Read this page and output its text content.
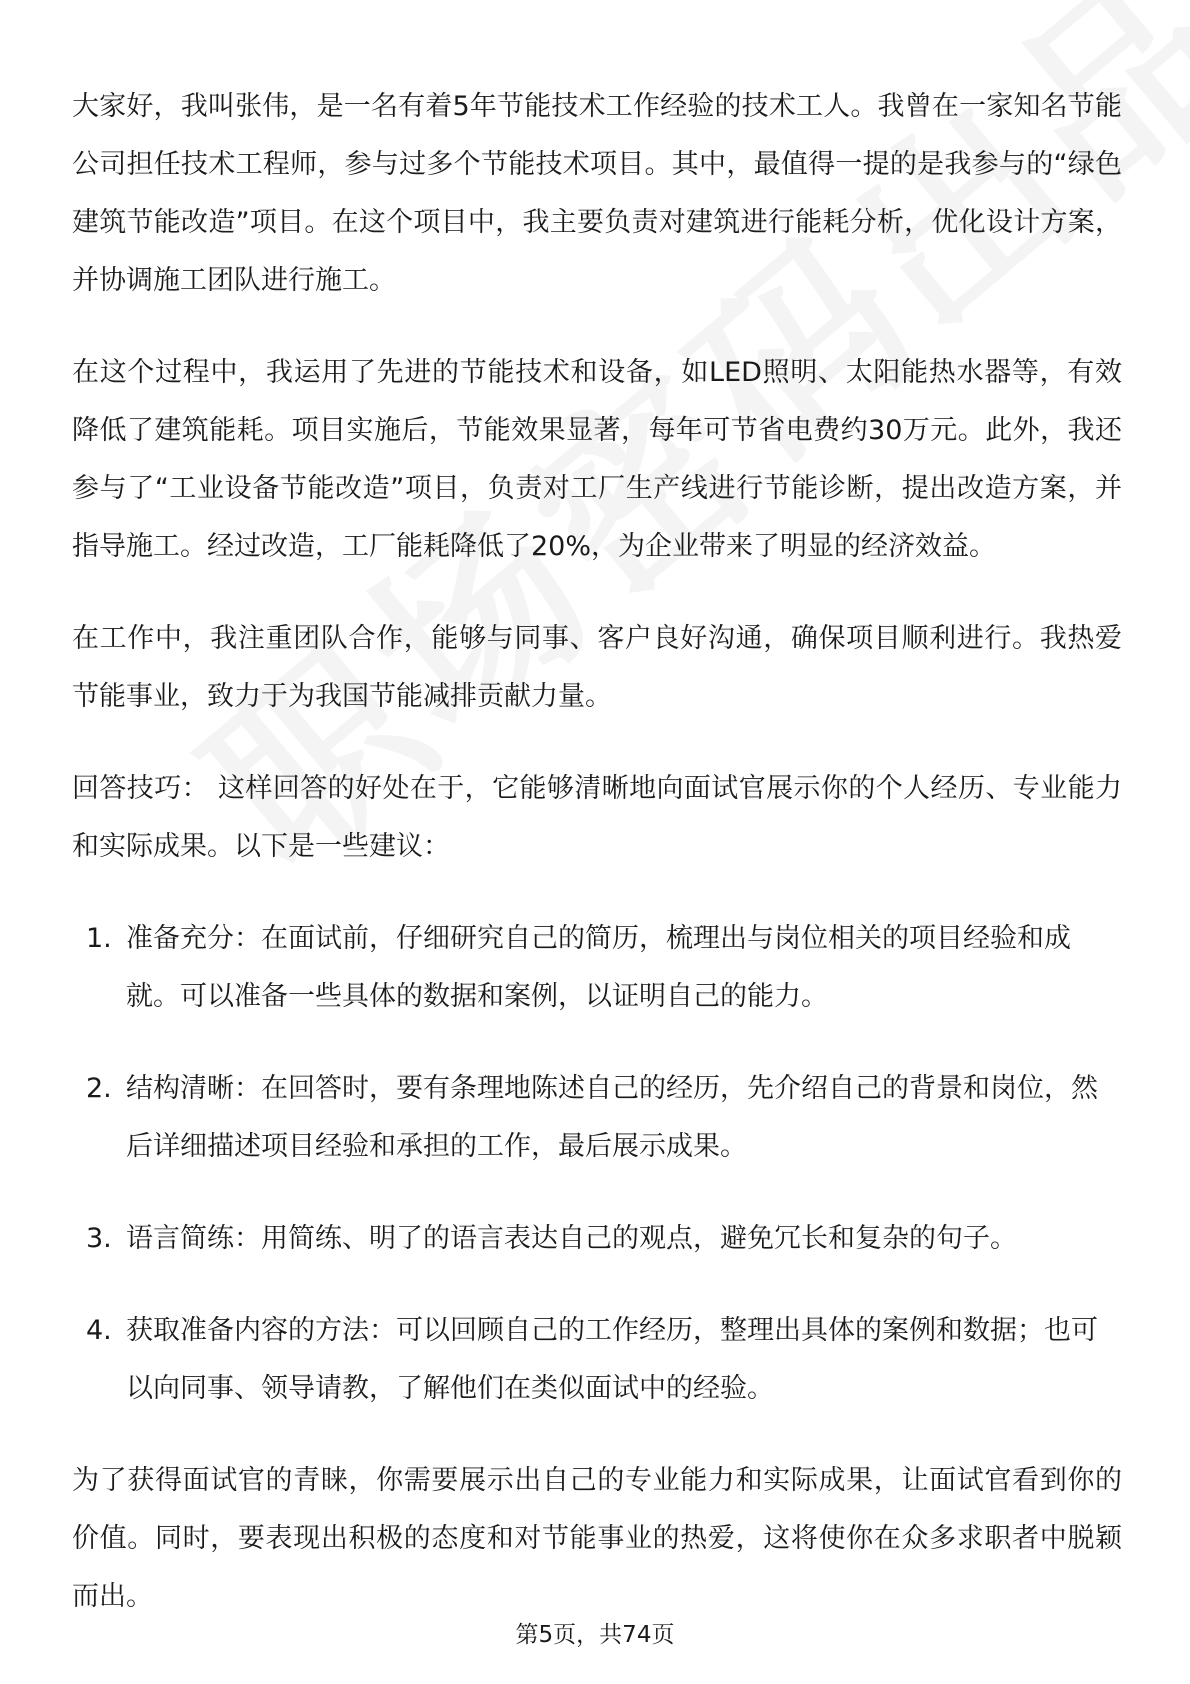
大家好，我叫张伟，是一名有着5年节能技术工作经验的技术工人。我曾在一家知名节能公司担任技术工程师，参与过多个节能技术项目。其中，最值得一提的是我参与的“绿色建筑节能改造”项目。在这个项目中，我主要负责对建筑进行能耗分析，优化设计方案，并协调施工团队进行施工。

在这个过程中，我运用了先进的节能技术和设备，如LED照明、太阳能热水器等，有效降低了建筑能耗。项目实施后，节能效果显著，每年可节省电费约30万元。此外，我还参与了“工业设备节能改造”项目，负责对工厂生产线进行节能诊断，提出改造方案，并指导施工。经过改造，工厂能耗降低了20%，为企业带来了明显的经济效益。

在工作中，我注重团队合作，能够与同事、客户良好沟通，确保项目顺利进行。我热爱节能事业，致力于为我国节能减排贡献力量。

回答技巧： 这样回答的好处在于，它能够清晰地向面试官展示你的个人经历、专业能力和实际成果。以下是一些建议：

1. 准备充分：在面试前，仔细研究自己的简历，梳理出与岗位相关的项目经验和成就。可以准备一些具体的数据和案例，以证明自己的能力。
2. 结构清晰：在回答时，要有条理地陈述自己的经历，先介绍自己的背景和岗位，然后详细描述项目经验和承担的工作，最后展示成果。
3. 语言简练：用简练、明了的语言表达自己的观点，避免冗长和复杂的句子。
4. 获取准备内容的方法：可以回顾自己的工作经历，整理出具体的案例和数据；也可以向同事、领导请教，了解他们在类似面试中的经验。

为了获得面试官的青睐，你需要展示出自己的专业能力和实际成果，让面试官看到你的价值。同时，要表现出积极的态度和对节能事业的热爱，这将使你在众多求职者中脱颖而出。

第5页，共74页
